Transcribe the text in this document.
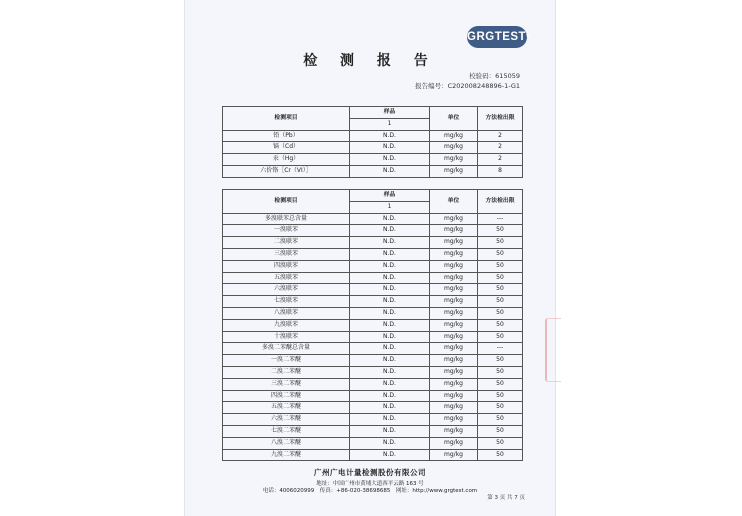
GRGTEST®
检 测 报 告
校验码：615059
报告编号：C202008248896-1-G1
检测项目	样品	单位	方法检出限
	1		
铅（Pb）	N.D.	mg/kg	2
镉（Cd）	N.D.	mg/kg	2
汞（Hg）	N.D.	mg/kg	2
六价铬［Cr（VI）］	N.D.	mg/kg	8
检测项目	样品	单位	方法检出限
	1		
多溴联苯总含量	N.D.	mg/kg	---
一溴联苯	N.D.	mg/kg	50
二溴联苯	N.D.	mg/kg	50
三溴联苯	N.D.	mg/kg	50
四溴联苯	N.D.	mg/kg	50
五溴联苯	N.D.	mg/kg	50
六溴联苯	N.D.	mg/kg	50
七溴联苯	N.D.	mg/kg	50
八溴联苯	N.D.	mg/kg	50
九溴联苯	N.D.	mg/kg	50
十溴联苯	N.D.	mg/kg	50
多溴二苯醚总含量	N.D.	mg/kg	---
一溴二苯醚	N.D.	mg/kg	50
二溴二苯醚	N.D.	mg/kg	50
三溴二苯醚	N.D.	mg/kg	50
四溴二苯醚	N.D.	mg/kg	50
五溴二苯醚	N.D.	mg/kg	50
六溴二苯醚	N.D.	mg/kg	50
七溴二苯醚	N.D.	mg/kg	50
八溴二苯醚	N.D.	mg/kg	50
九溴二苯醚	N.D.	mg/kg	50
广州广电计量检测股份有限公司
地址：中国广州市黄埔大道西平云路 163 号
电话：4006020999　传真：+86-020-38698685　网址：http://www.grgtest.com
第 3 页 共 7 页
